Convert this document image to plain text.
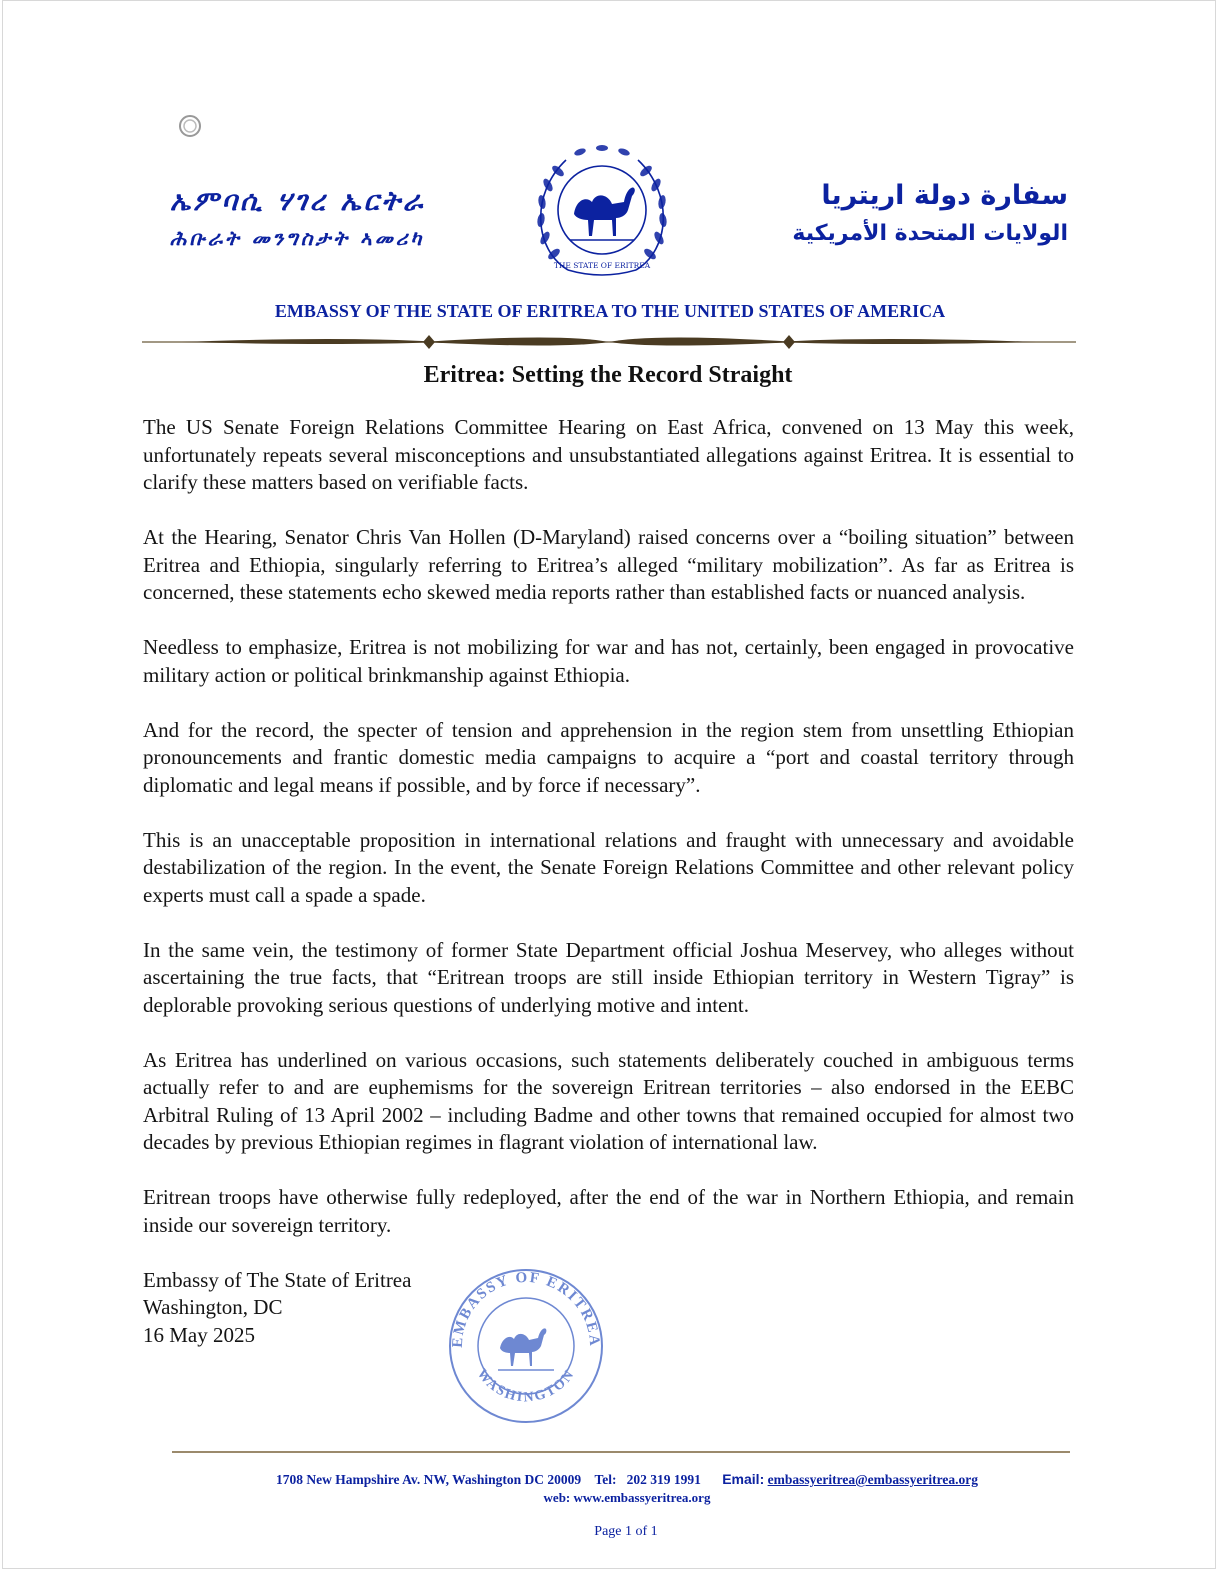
ኤምባሲ ሃገረ ኤርትራ
ሕቡራት መንግስታት ኣመሪካ
THE STATE OF ERITREA
سفارة دولة اريتريا
الولايات المتحدة الأمريكية
EMBASSY OF THE STATE OF ERITREA TO THE UNITED STATES OF AMERICA
Eritrea: Setting the Record Straight

The US Senate Foreign Relations Committee Hearing on East Africa, convened on 13 May this week, unfortunately repeats several misconceptions and unsubstantiated allegations against Eritrea. It is essential to clarify these matters based on verifiable facts.

At the Hearing, Senator Chris Van Hollen (D-Maryland) raised concerns over a “boiling situation” between Eritrea and Ethiopia, singularly referring to Eritrea’s alleged “military mobilization”. As far as Eritrea is concerned, these statements echo skewed media reports rather than established facts or nuanced analysis.

Needless to emphasize, Eritrea is not mobilizing for war and has not, certainly, been engaged in provocative military action or political brinkmanship against Ethiopia.

And for the record, the specter of tension and apprehension in the region stem from unsettling Ethiopian pronouncements and frantic domestic media campaigns to acquire a “port and coastal territory through diplomatic and legal means if possible, and by force if necessary”.

This is an unacceptable proposition in international relations and fraught with unnecessary and avoidable destabilization of the region. In the event, the Senate Foreign Relations Committee and other relevant policy experts must call a spade a spade.

In the same vein, the testimony of former State Department official Joshua Meservey, who alleges without ascertaining the true facts, that “Eritrean troops are still inside Ethiopian territory in Western Tigray” is deplorable provoking serious questions of underlying motive and intent.

As Eritrea has underlined on various occasions, such statements deliberately couched in ambiguous terms actually refer to and are euphemisms for the sovereign Eritrean territories – also endorsed in the EEBC Arbitral Ruling of 13 April 2002 – including Badme and other towns that remained occupied for almost two decades by previous Ethiopian regimes in flagrant violation of international law.

Eritrean troops have otherwise fully redeployed, after the end of the war in Northern Ethiopia, and remain inside our sovereign territory.

Embassy of The State of Eritrea
Washington, DC
16 May 2025	EMBASSY OF ERITREA
WASHINGTON
1708 New Hampshire Av. NW, Washington DC 20009 Tel: 202 319 1991 Email: embassyeritrea@embassyeritrea.org
web: www.embassyeritrea.org
Page 1 of 1
